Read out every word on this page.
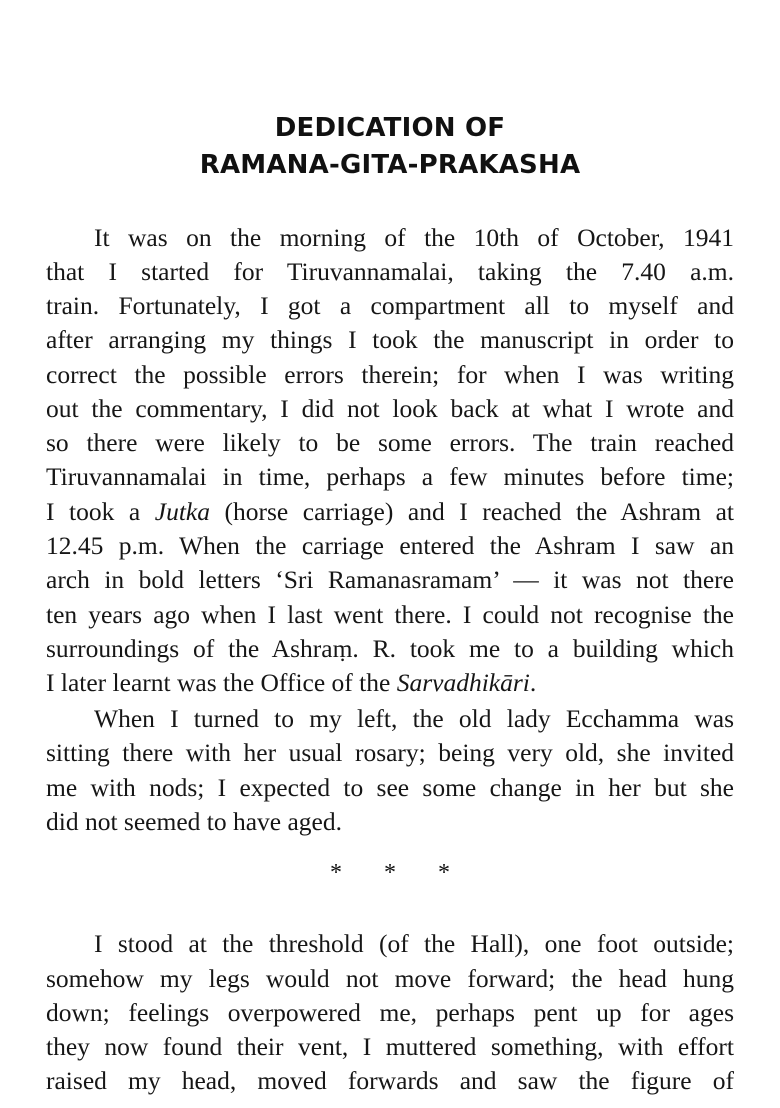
DEDICATION OF
RAMANA-GITA-PRAKASHA
It was on the morning of the 10th of October, 1941
that I started for Tiruvannamalai, taking the 7.40 a.m.
train. Fortunately, I got a compartment all to myself and
after arranging my things I took the manuscript in order to
correct the possible errors therein; for when I was writing
out the commentary, I did not look back at what I wrote and
so there were likely to be some errors. The train reached
Tiruvannamalai in time, perhaps a few minutes before time;
I took a Jutka (horse carriage) and I reached the Ashram at
12.45 p.m. When the carriage entered the Ashram I saw an
arch in bold letters ‘Sri Ramanasramam’ — it was not there
ten years ago when I last went there. I could not recognise the
surroundings of the Ashraṃ. R. took me to a building which
I later learnt was the Office of the Sarvadhikāri.
When I turned to my left, the old lady Ecchamma was
sitting there with her usual rosary; being very old, she invited
me with nods; I expected to see some change in her but she
did not seemed to have aged.
* * *
I stood at the threshold (of the Hall), one foot outside;
somehow my legs would not move forward; the head hung
down; feelings overpowered me, perhaps pent up for ages
they now found their vent, I muttered something, with effort
raised my head, moved forwards and saw the figure of
